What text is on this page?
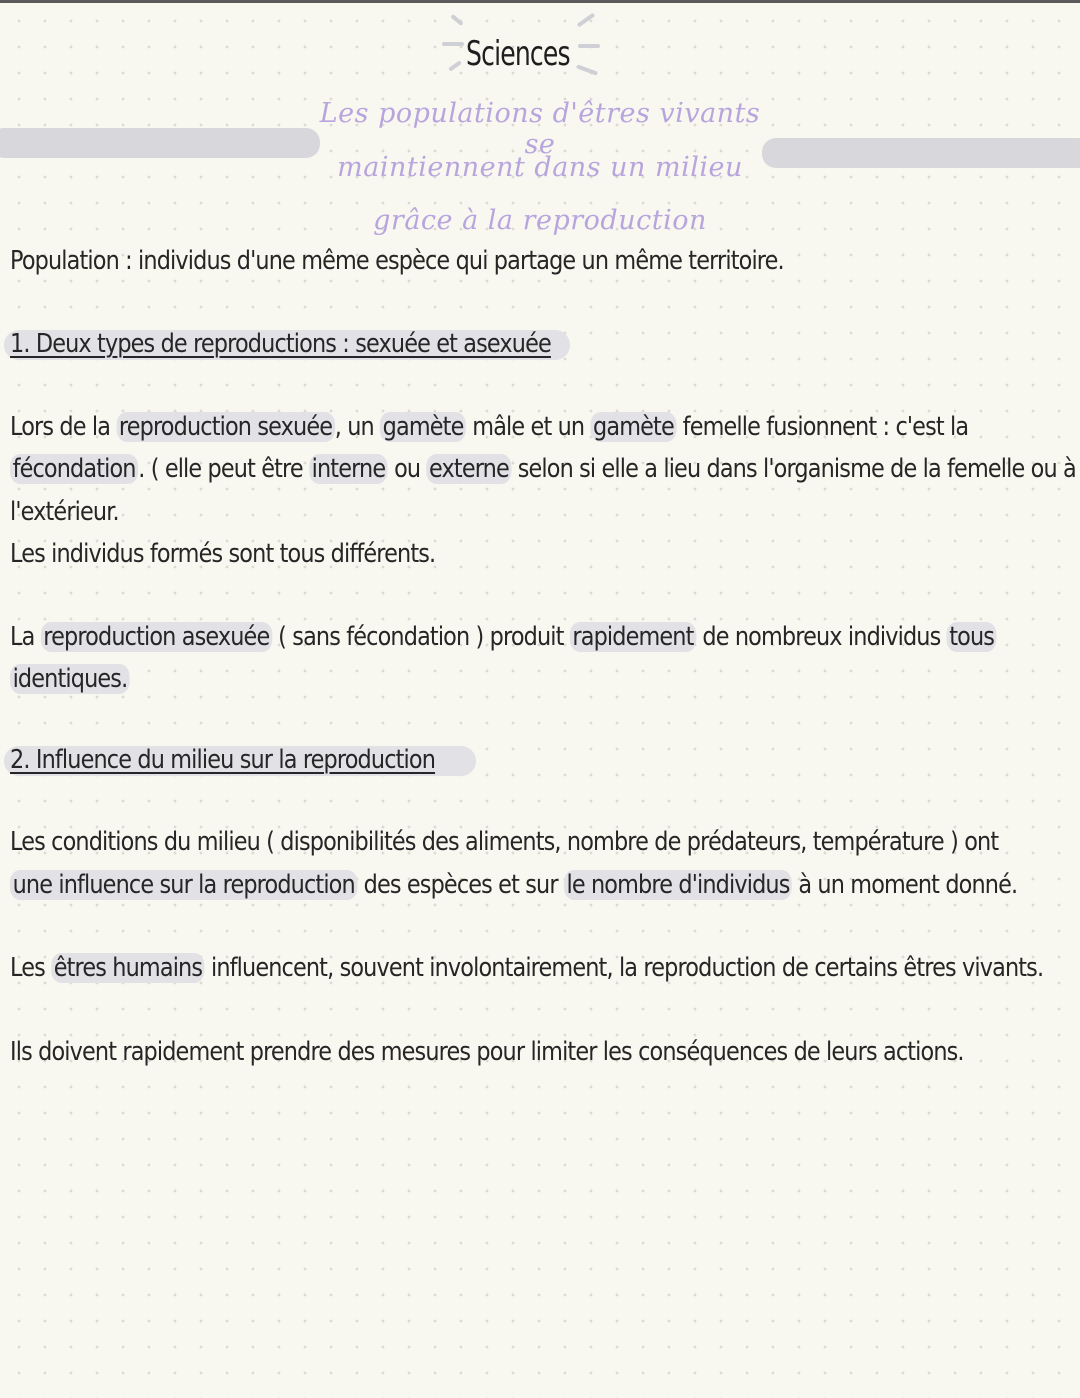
Sciences
Les populations d'êtres vivants se
maintiennent dans un milieu
grâce à la reproduction
Population : individus d'une même espèce qui partage un même territoire.
1. Deux types de reproductions : sexuée et asexuée
Lors de la reproduction sexuée, un gamète mâle et un gamète femelle fusionnent : c'est la
fécondation. ( elle peut être interne ou externe selon si elle a lieu dans l'organisme de la femelle ou à
l'extérieur.
Les individus formés sont tous différents.
La reproduction asexuée ( sans fécondation ) produit rapidement de nombreux individus tous
identiques.
2. Influence du milieu sur la reproduction
Les conditions du milieu ( disponibilités des aliments, nombre de prédateurs, température ) ont
une influence sur la reproduction des espèces et sur le nombre d'individus à un moment donné.
Les êtres humains influencent, souvent involontairement, la reproduction de certains êtres vivants.
Ils doivent rapidement prendre des mesures pour limiter les conséquences de leurs actions.
